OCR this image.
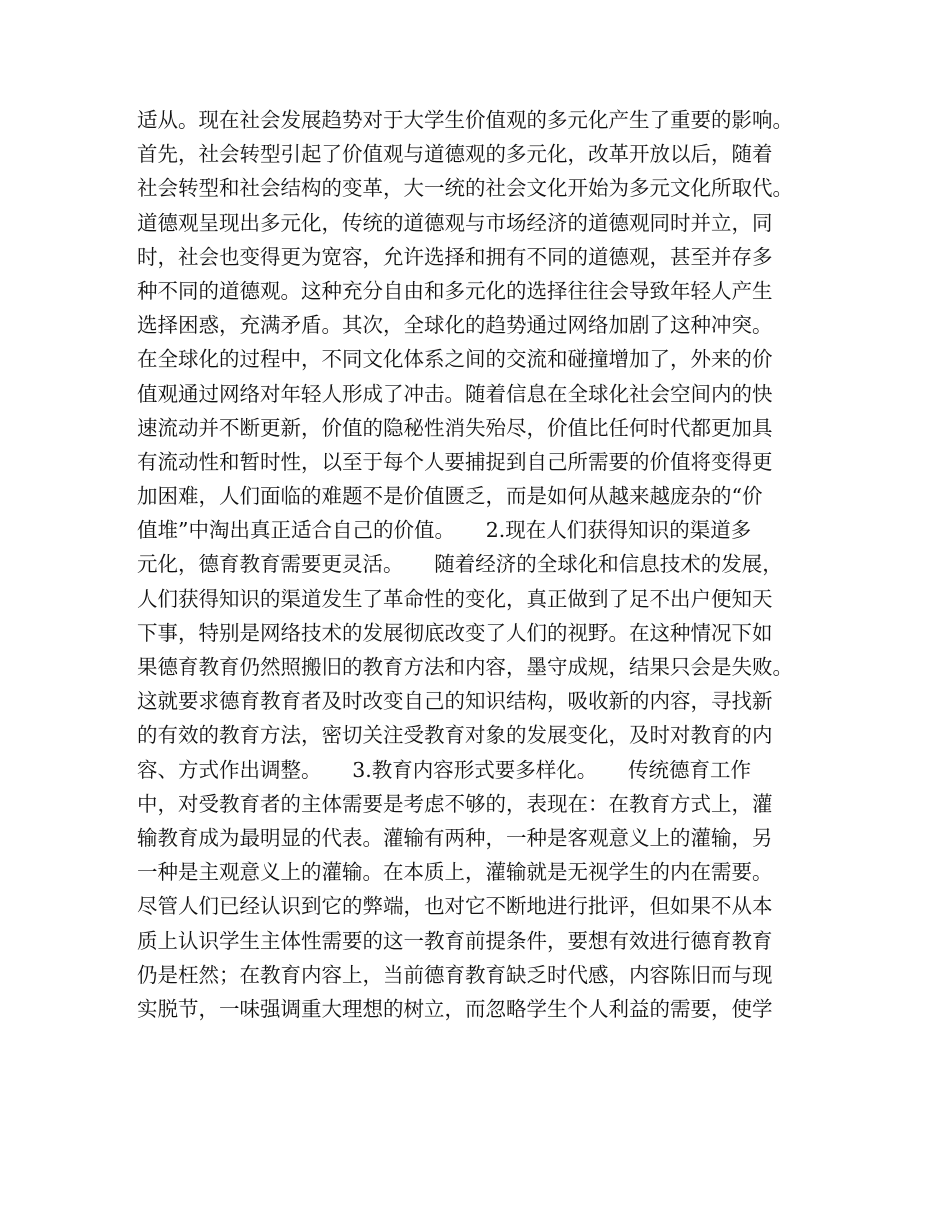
适从。现在社会发展趋势对于大学生价值观的多元化产生了重要的影响。
首先，社会转型引起了价值观与道德观的多元化，改革开放以后，随着
社会转型和社会结构的变革，大一统的社会文化开始为多元文化所取代。
道德观呈现出多元化，传统的道德观与市场经济的道德观同时并立，同
时，社会也变得更为宽容，允许选择和拥有不同的道德观，甚至并存多
种不同的道德观。这种充分自由和多元化的选择往往会导致年轻人产生
选择困惑，充满矛盾。其次，全球化的趋势通过网络加剧了这种冲突。
在全球化的过程中，不同文化体系之间的交流和碰撞增加了，外来的价
值观通过网络对年轻人形成了冲击。随着信息在全球化社会空间内的快
速流动并不断更新，价值的隐秘性消失殆尽，价值比任何时代都更加具
有流动性和暂时性，以至于每个人要捕捉到自己所需要的价值将变得更
加困难，人们面临的难题不是价值匮乏，而是如何从越来越庞杂的“价
值堆”中淘出真正适合自己的价值。　　2.现在人们获得知识的渠道多
元化，德育教育需要更灵活。　　随着经济的全球化和信息技术的发展，
人们获得知识的渠道发生了革命性的变化，真正做到了足不出户便知天
下事，特别是网络技术的发展彻底改变了人们的视野。在这种情况下如
果德育教育仍然照搬旧的教育方法和内容，墨守成规，结果只会是失败。
这就要求德育教育者及时改变自己的知识结构，吸收新的内容，寻找新
的有效的教育方法，密切关注受教育对象的发展变化，及时对教育的内
容、方式作出调整。　　3.教育内容形式要多样化。　　传统德育工作
中，对受教育者的主体需要是考虑不够的，表现在：在教育方式上，灌
输教育成为最明显的代表。灌输有两种，一种是客观意义上的灌输，另
一种是主观意义上的灌输。在本质上，灌输就是无视学生的内在需要。
尽管人们已经认识到它的弊端，也对它不断地进行批评，但如果不从本
质上认识学生主体性需要的这一教育前提条件，要想有效进行德育教育
仍是枉然；在教育内容上，当前德育教育缺乏时代感，内容陈旧而与现
实脱节，一味强调重大理想的树立，而忽略学生个人利益的需要，使学
